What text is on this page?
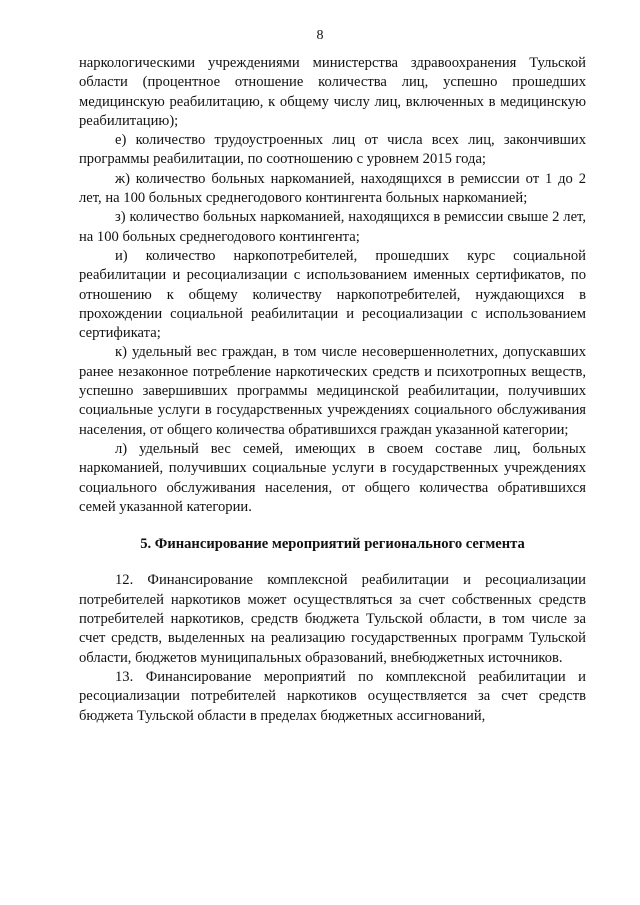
8

наркологическими учреждениями министерства здравоохранения Тульской области (процентное отношение количества лиц, успешно прошедших медицинскую реабилитацию, к общему числу лиц, включенных в медицинскую реабилитацию);

е) количество трудоустроенных лиц от числа всех лиц, закончивших программы реабилитации, по соотношению с уровнем 2015 года;

ж) количество больных наркоманией, находящихся в ремиссии от 1 до 2 лет, на 100 больных среднегодового контингента больных наркоманией;

з) количество больных наркоманией, находящихся в ремиссии свыше 2 лет, на 100 больных среднегодового контингента;

и) количество наркопотребителей, прошедших курс социальной реабилитации и ресоциализации с использованием именных сертификатов, по отношению к общему количеству наркопотребителей, нуждающихся в прохождении социальной реабилитации и ресоциализации с использованием сертификата;

к) удельный вес граждан, в том числе несовершеннолетних, допускавших ранее незаконное потребление наркотических средств и психотропных веществ, успешно завершивших программы медицинской реабилитации, получивших социальные услуги в государственных учреждениях социального обслуживания населения, от общего количества обратившихся граждан указанной категории;

л) удельный вес семей, имеющих в своем составе лиц, больных наркоманией, получивших социальные услуги в государственных учреждениях социального обслуживания населения, от общего количества обратившихся семей указанной категории.

5. Финансирование мероприятий регионального сегмента

12. Финансирование комплексной реабилитации и ресоциализации потребителей наркотиков может осуществляться за счет собственных средств потребителей наркотиков, средств бюджета Тульской области, в том числе за счет средств, выделенных на реализацию государственных программ Тульской области, бюджетов муниципальных образований, внебюджетных источников.

13. Финансирование мероприятий по комплексной реабилитации и ресоциализации потребителей наркотиков осуществляется за счет средств бюджета Тульской области в пределах бюджетных ассигнований,
